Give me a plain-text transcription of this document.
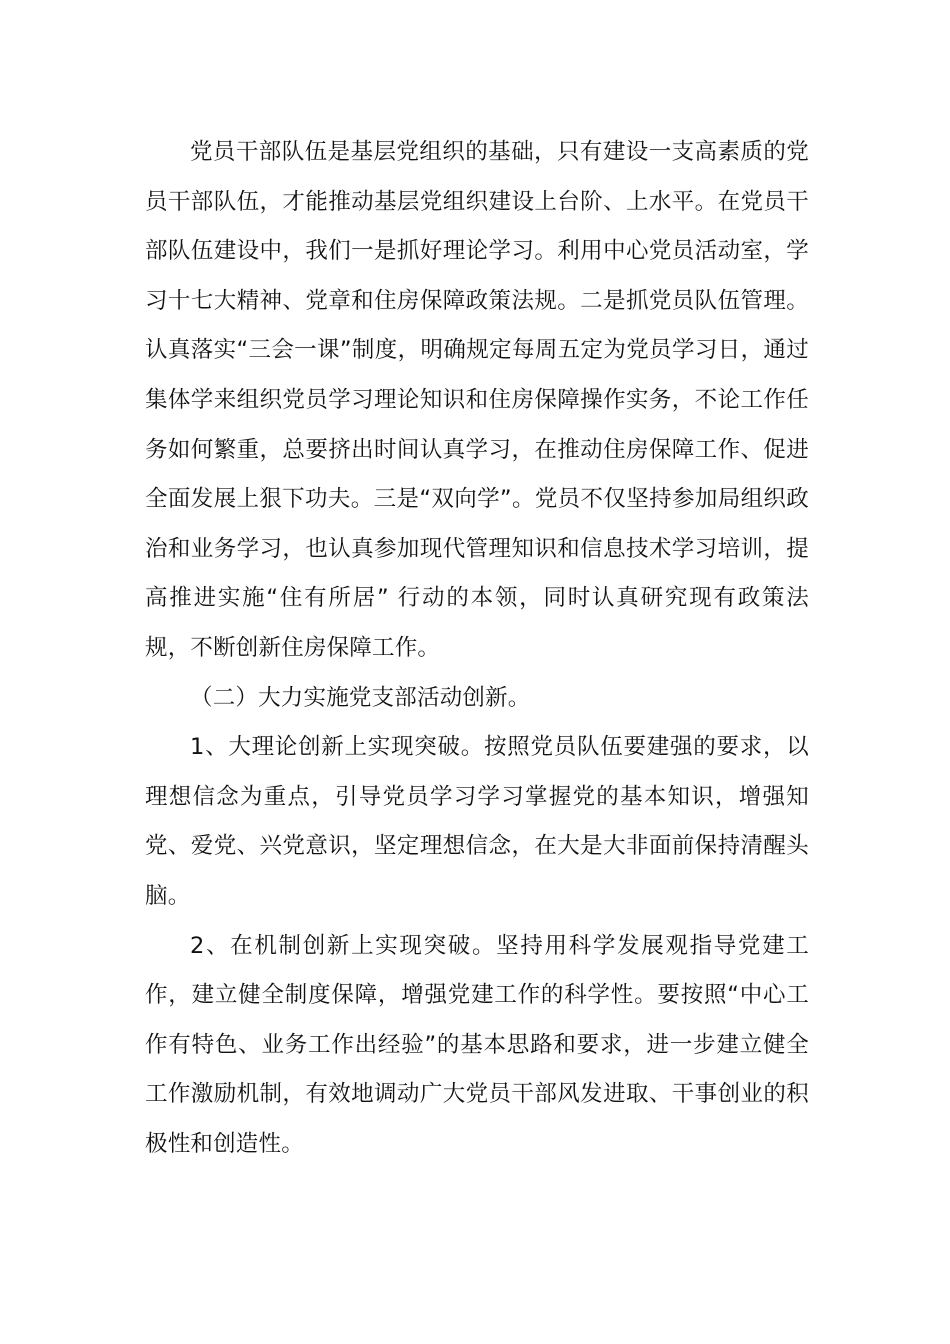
党员干部队伍是基层党组织的基础，只有建设一支高素质的党员干部队伍，才能推动基层党组织建设上台阶、上水平。在党员干部队伍建设中，我们一是抓好理论学习。利用中心党员活动室，学习十七大精神、党章和住房保障政策法规。二是抓党员队伍管理。认真落实“三会一课”制度，明确规定每周五定为党员学习日，通过集体学来组织党员学习理论知识和住房保障操作实务，不论工作任务如何繁重，总要挤出时间认真学习，在推动住房保障工作、促进全面发展上狠下功夫。三是“双向学”。党员不仅坚持参加局组织政治和业务学习，也认真参加现代管理知识和信息技术学习培训，提高推进实施“住有所居” 行动的本领，同时认真研究现有政策法规，不断创新住房保障工作。

（二）大力实施党支部活动创新。

1、大理论创新上实现突破。按照党员队伍要建强的要求，以理想信念为重点，引导党员学习学习掌握党的基本知识，增强知党、爱党、兴党意识，坚定理想信念，在大是大非面前保持清醒头脑。

2、在机制创新上实现突破。坚持用科学发展观指导党建工作，建立健全制度保障，增强党建工作的科学性。要按照“中心工作有特色、业务工作出经验”的基本思路和要求，进一步建立健全工作激励机制，有效地调动广大党员干部风发进取、干事创业的积极性和创造性。
